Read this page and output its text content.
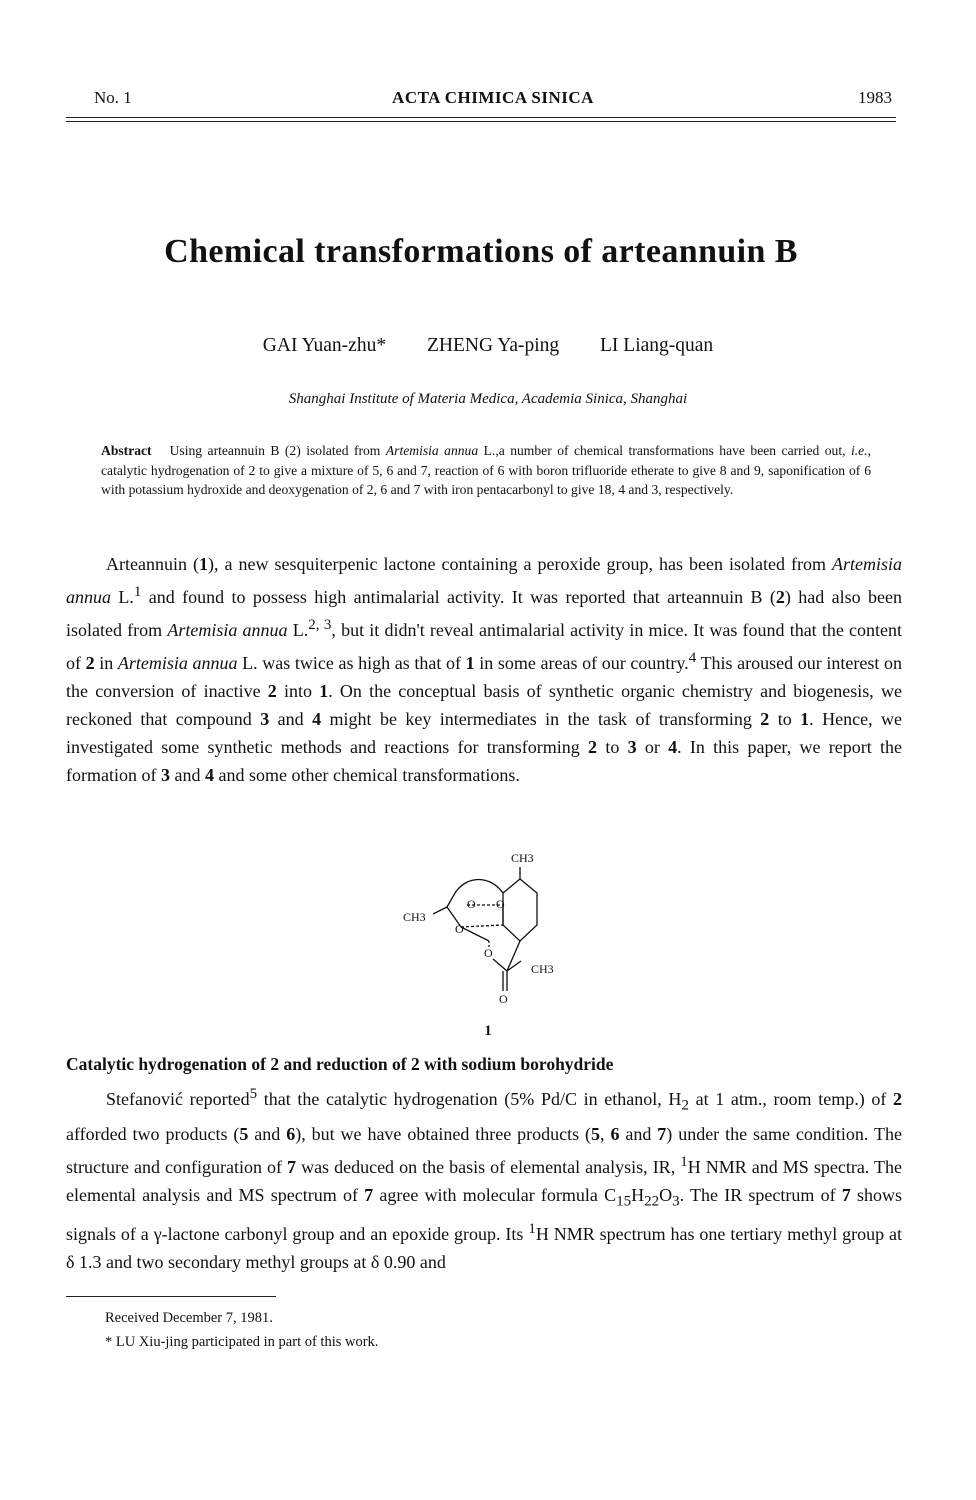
No. 1	ACTA CHIMICA SINICA	1983
Chemical transformations of arteannuin B
GAI Yuan-zhu* ZHENG Ya-ping LI Liang-quan
Shanghai Institute of Materia Medica, Academia Sinica, Shanghai
Abstract Using arteannuin B (2) isolated from Artemisia annua L.,a number of chemical transformations have been carried out, i.e., catalytic hydrogenation of 2 to give a mixture of 5, 6 and 7, reaction of 6 with boron trifluoride etherate to give 8 and 9, saponification of 6 with potassium hydroxide and deoxygenation of 2, 6 and 7 with iron pentacarbonyl to give 18, 4 and 3, respectively.
Arteannuin (1), a new sesquiterpenic lactone containing a peroxide group, has been isolated from Artemisia annua L.$^1$ and found to possess high antimalarial activity. It was reported that arteannuin B (2) had also been isolated from Artemisia annua L.$^{2, 3}$, but it didn't reveal antimalarial activity in mice. It was found that the content of 2 in Artemisia annua L. was twice as high as that of 1 in some areas of our country.$^4$ This aroused our interest on the conversion of inactive 2 into 1. On the conceptual basis of synthetic organic chemistry and biogenesis, we reckoned that compound 3 and 4 might be key intermediates in the task of transforming 2 to 1. Hence, we investigated some synthetic methods and reactions for transforming 2 to 3 or 4. In this paper, we report the formation of 3 and 4 and some other chemical transformations.
CH3
CH3
CH3
O O
O
O
O
1
Catalytic hydrogenation of 2 and reduction of 2 with sodium borohydride
Stefanović reported$^5$ that the catalytic hydrogenation (5% Pd/C in ethanol, $H_2$ at 1 atm., room temp.) of 2 afforded two products (5 and 6), but we have obtained three products (5, 6 and 7) under the same condition. The structure and configuration of 7 was deduced on the basis of elemental analysis, IR, $^1$H NMR and MS spectra. The elemental analysis and MS spectrum of 7 agree with molecular formula $C_{15}H_{22}O_3$. The IR spectrum of 7 shows signals of a γ-lactone carbonyl group and an epoxide group. Its $^1$H NMR spectrum has one tertiary methyl group at δ 1.3 and two secondary methyl groups at δ 0.90 and
Received December 7, 1981.
* LU Xiu-jing participated in part of this work.
